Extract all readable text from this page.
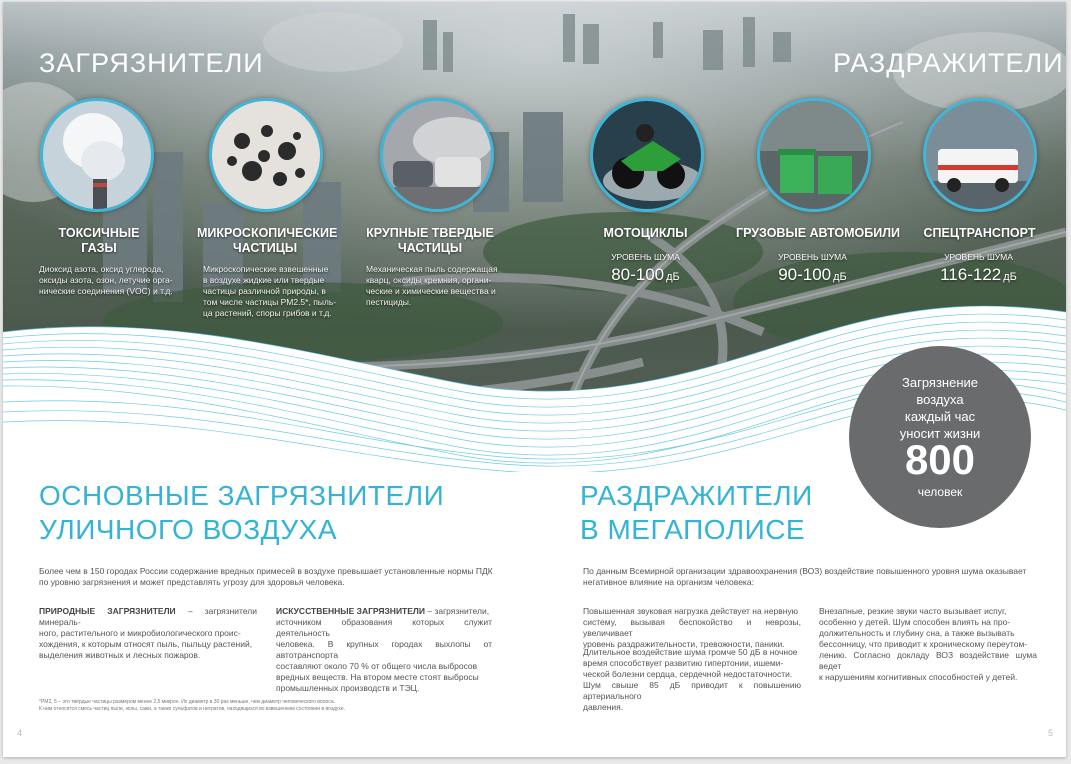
ЗАГРЯЗНИТЕЛИ	РАЗДРАЖИТЕЛИ
ТОКСИЧНЫЕ
ГАЗЫ
Диоксид азота, оксид углерода,
оксиды азота, озон, летучие орга-
нические соединения (VOC) и т.д.
МИКРОСКОПИЧЕСКИЕ
ЧАСТИЦЫ
Микроскопические взвешенные
в воздухе жидкие или твердые
частицы различной природы, в
том числе частицы PM2.5*, пыль-
ца растений, споры грибов и т.д.
КРУПНЫЕ ТВЕРДЫЕ
ЧАСТИЦЫ
Механическая пыль содержащая
кварц, оксиды кремния, органи-
ческие и химические вещества и
пестициды.
МОТОЦИКЛЫ
УРОВЕНЬ ШУМА
80-100 дБ
ГРУЗОВЫЕ АВТОМОБИЛИ
УРОВЕНЬ ШУМА
90-100 дБ
СПЕЦТРАНСПОРТ
УРОВЕНЬ ШУМА
116-122 дБ
Загрязнение
воздуха
каждый час
уносит жизни
800
человек
ОСНОВНЫЕ ЗАГРЯЗНИТЕЛИ
УЛИЧНОГО ВОЗДУХА
Более чем в 150 городах России содержание вредных примесей в воздухе превышает установленные нормы ПДК
по уровню загрязнения и может представлять угрозу для здоровья человека.
ПРИРОДНЫЕ ЗАГРЯЗНИТЕЛИ – загрязнители минераль-
ного, растительного и микробиологического проис-
хождения, к которым относят пыль, пыльцу растений,
выделения животных и лесных пожаров.
ИСКУССТВЕННЫЕ ЗАГРЯЗНИТЕЛИ – загрязнители,
источником образования которых служит деятельность
человека. В крупных городах выхлопы от автотранспорта
составляют около 70 % от общего числа выбросов
вредных веществ. На втором месте стоят выбросы
промышленных производств и ТЭЦ.
*PM2, 5 – это твёрдые частицы размером менее 2,5 микрон. Их диаметр в 30 раз меньше, чем диаметр человеческого волоса.
К ним относятся смесь частиц пыли, золы, сажи, а также сульфатов и нитратов, находящихся во взвешенном состоянии в воздухе.
РАЗДРАЖИТЕЛИ
В МЕГАПОЛИСЕ
По данным Всемирной организации здравоохранения (ВОЗ) воздействие повышенного уровня шума оказывает
негативное влияние на организм человека:
Повышенная звуковая нагрузка действует на нервную
систему, вызывая беспокойство и неврозы, увеличивает
уровень раздражительности, тревожности, паники.
Длительное воздействие шума громче 50 дБ в ночное
время способствует развитию гипертонии, ишеми-
ческой болезни сердца, сердечной недостаточности.
Шум свыше 85 дБ приводит к повышению артериального
давления.
Внезапные, резкие звуки часто вызывает испуг,
особенно у детей. Шум способен влиять на про-
должительность и глубину сна, а также вызывать
бессонницу, что приводит к хроническому переутом-
лению. Согласно докладу ВОЗ воздействие шума ведет
к нарушениям когнитивных способностей у детей.
4	5
